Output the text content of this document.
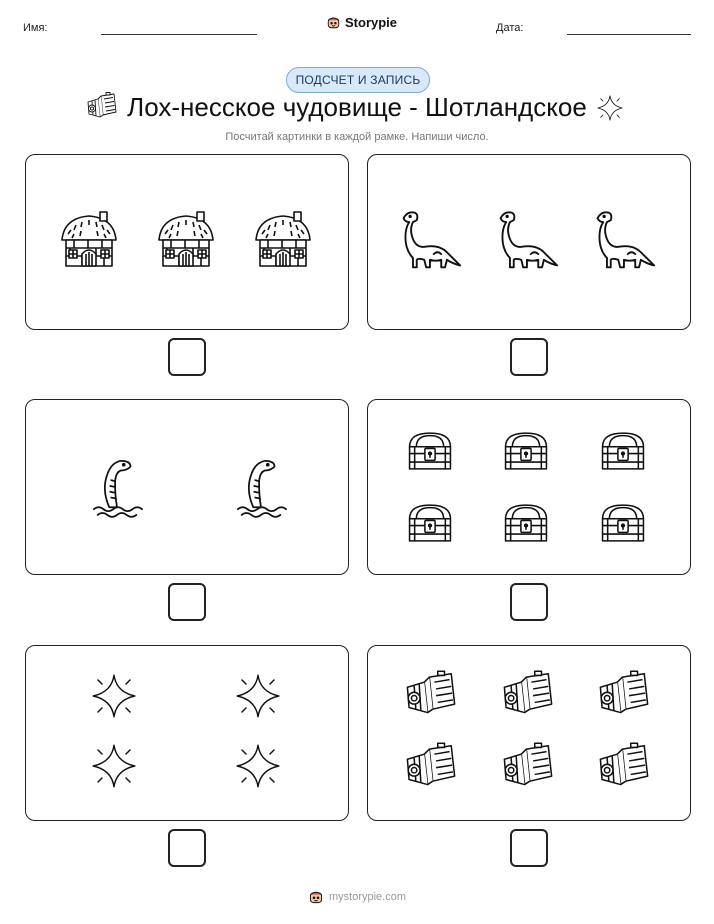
Имя:	Storypie	Дата:
ПОДСЧЕТ И ЗАПИСЬ
Лох-несское чудовище - Шотландское
Посчитай картинки в каждой рамке. Напиши число.
mystorypie.com
